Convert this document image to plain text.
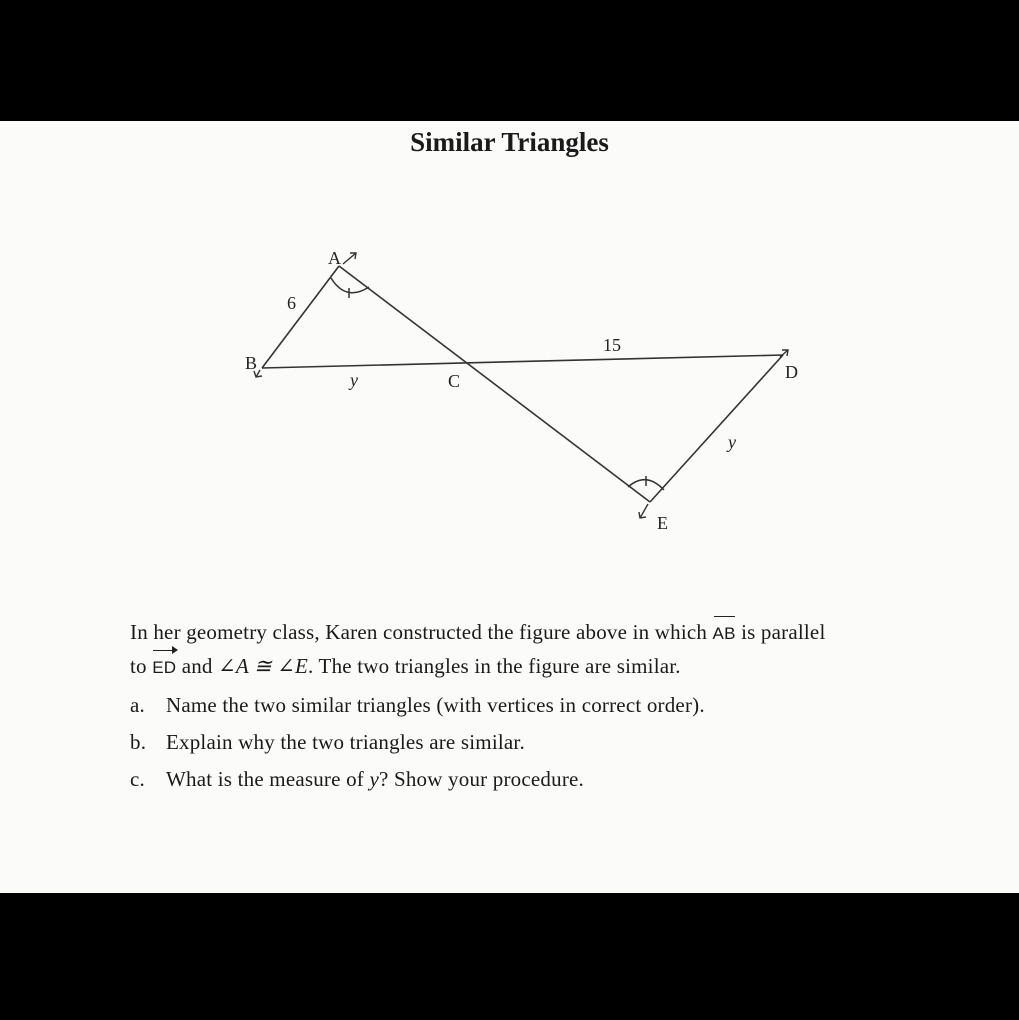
Similar Triangles
A
B
C	D
E
6
y
15
y
In her geometry class, Karen constructed the figure above in which AB is parallel
to ED and ∠A ≅ ∠E. The two triangles in the figure are similar.
a.	Name the two similar triangles (with vertices in correct order).
b. Explain why the two triangles are similar.
c.	What is the measure of y? Show your procedure.
